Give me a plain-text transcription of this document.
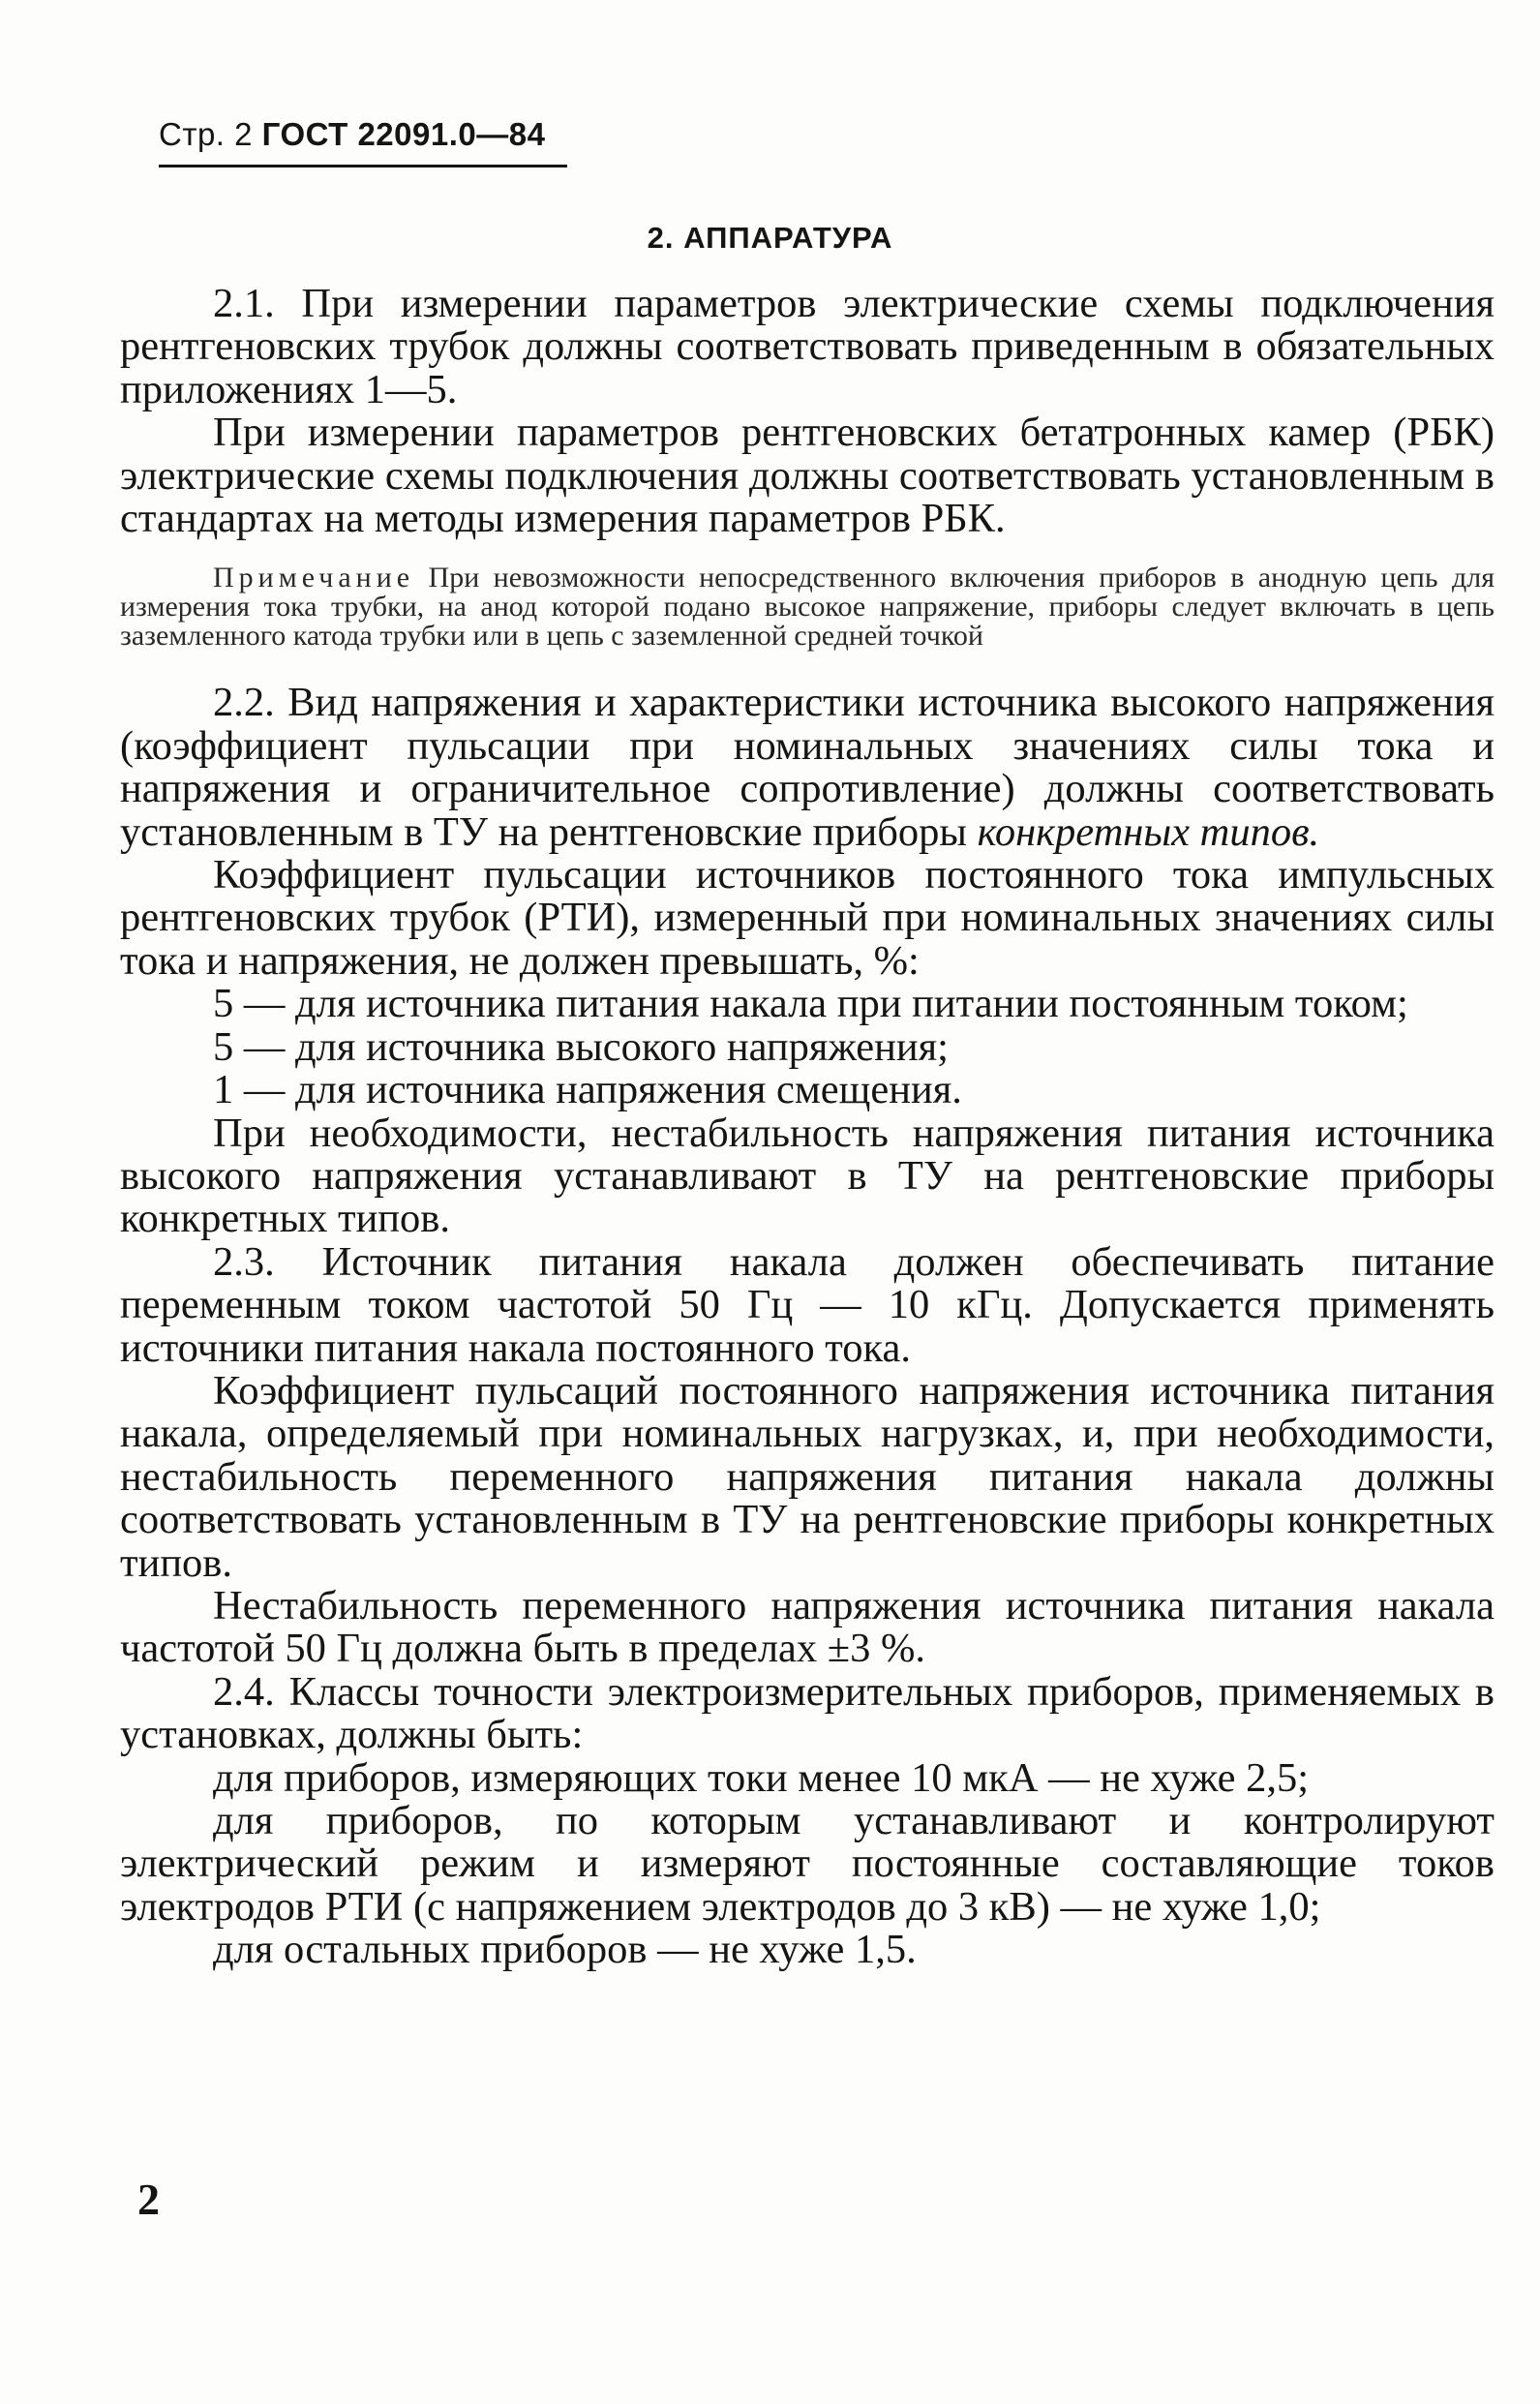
Стр. 2 ГОСТ 22091.0—84
2. АППАРАТУРА

2.1. При измерении параметров электрические схемы подключения рентгеновских трубок должны соответствовать приведенным в обязательных приложениях 1—5.

При измерении параметров рентгеновских бетатронных камер (РБК) электрические схемы подключения должны соответствовать установленным в стандартах на методы измерения параметров РБК.

Примечание При невозможности непосредственного включения приборов в анодную цепь для измерения тока трубки, на анод которой подано высокое напряжение, приборы следует включать в цепь заземленного катода трубки или в цепь с заземленной средней точкой

2.2. Вид напряжения и характеристики источника высокого напряжения (коэффициент пульсации при номинальных значениях силы тока и напряжения и ограничительное сопротивление) должны соответствовать установленным в ТУ на рентгеновские приборы конкретных типов.

Коэффициент пульсации источников постоянного тока импульсных рентгеновских трубок (РТИ), измеренный при номинальных значениях силы тока и напряжения, не должен превышать, %:

5 — для источника питания накала при питании постоянным током;

5 — для источника высокого напряжения;

1 — для источника напряжения смещения.

При необходимости, нестабильность напряжения питания источника высокого напряжения устанавливают в ТУ на рентгеновские приборы конкретных типов.

2.3. Источник питания накала должен обеспечивать питание переменным током частотой 50 Гц — 10 кГц. Допускается применять источники питания накала постоянного тока.

Коэффициент пульсаций постоянного напряжения источника питания накала, определяемый при номинальных нагрузках, и, при необходимости, нестабильность переменного напряжения питания накала должны соответствовать установленным в ТУ на рентгеновские приборы конкретных типов.

Нестабильность переменного напряжения источника питания накала частотой 50 Гц должна быть в пределах ±3 %.

2.4. Классы точности электроизмерительных приборов, применяемых в установках, должны быть:

для приборов, измеряющих токи менее 10 мкА — не хуже 2,5;

для приборов, по которым устанавливают и контролируют электрический режим и измеряют постоянные составляющие токов электродов РТИ (с напряжением электродов до 3 кВ) — не хуже 1,0;

для остальных приборов — не хуже 1,5.

2
